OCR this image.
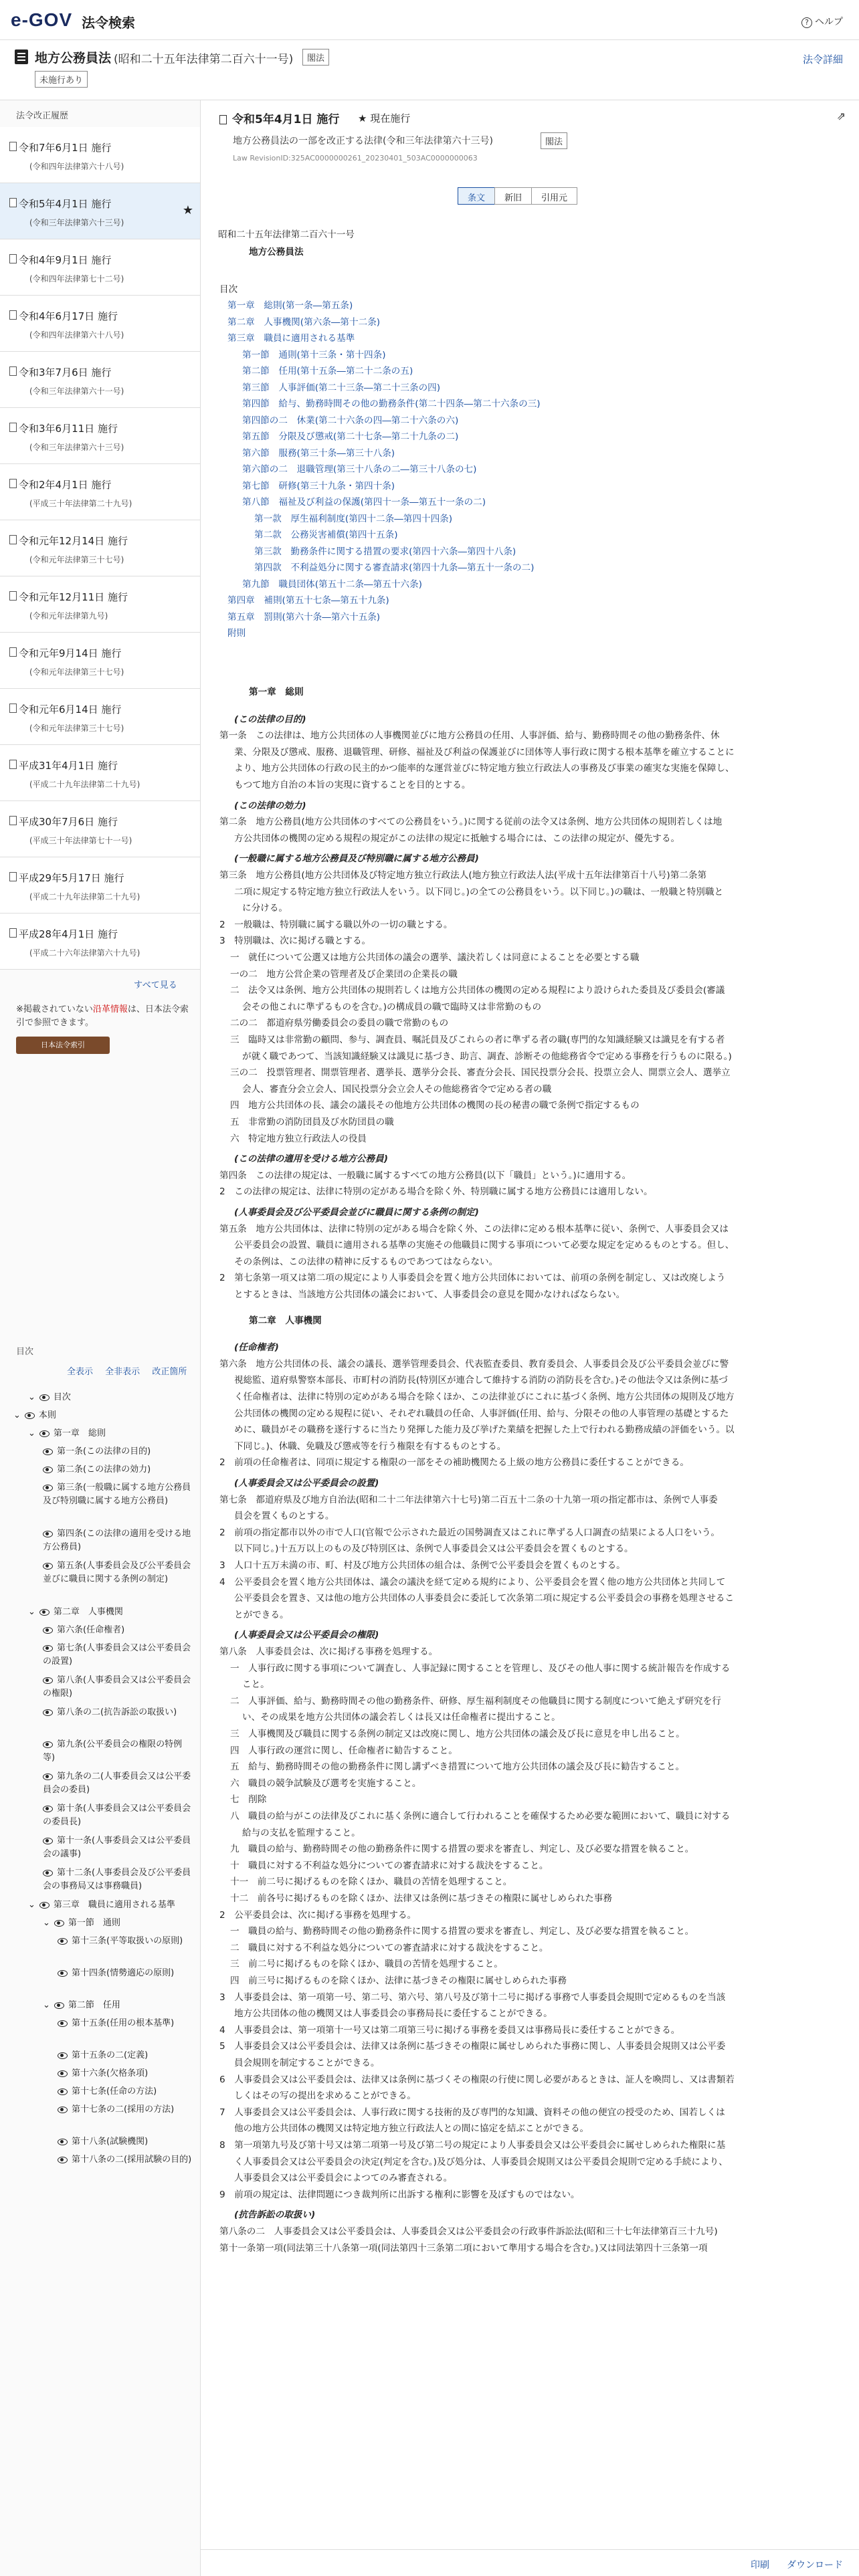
e-GOV 法令検索	? ヘルプ
地方公務員法 (昭和二十五年法律第二百六十一号)	閣法
未施行あり
法令詳細
法令改正履歴
令和7年6月1日 施行
(令和四年法律第六十八号)
令和5年4月1日 施行
(令和三年法律第六十三号)
★
令和4年9月1日 施行
(令和四年法律第七十二号)
令和4年6月17日 施行
(令和四年法律第六十八号)
令和3年7月6日 施行
(令和三年法律第六十一号)
令和3年6月11日 施行
(令和三年法律第六十三号)
令和2年4月1日 施行
(平成三十年法律第二十九号)
令和元年12月14日 施行
(令和元年法律第三十七号)
令和元年12月11日 施行
(令和元年法律第九号)
令和元年9月14日 施行
(令和元年法律第三十七号)
令和元年6月14日 施行
(令和元年法律第三十七号)
平成31年4月1日 施行
(平成二十九年法律第二十九号)
平成30年7月6日 施行
(平成三十年法律第七十一号)
平成29年5月17日 施行
(平成二十九年法律第二十九号)
平成28年4月1日 施行
(平成二十六年法律第六十九号)
すべて見る
※掲載されていない沿革情報は、日本法令索引で参照できます。
日本法令索引
目次
全表示 全非表示 改正箇所
⌄ 目次
⌄ 本則
⌄ 第一章　総則
第一条(この法律の目的)
第二条(この法律の効力)
第三条(一般職に属する地方公務員及び特別職に属する地方公務員)
第四条(この法律の適用を受ける地方公務員)
第五条(人事委員会及び公平委員会並びに職員に関する条例の制定)
⌄ 第二章　人事機関
第六条(任命権者)
第七条(人事委員会又は公平委員会の設置)
第八条(人事委員会又は公平委員会の権限)
第八条の二(抗告訴訟の取扱い)
第九条(公平委員会の権限の特例等)
第九条の二(人事委員会又は公平委員会の委員)
第十条(人事委員会又は公平委員会の委員長)
第十一条(人事委員会又は公平委員会の議事)
第十二条(人事委員会及び公平委員会の事務局又は事務職員)
⌄ 第三章　職員に適用される基準
⌄ 第一節　通則
第十三条(平等取扱いの原則)
第十四条(情勢適応の原則)
⌄ 第二節　任用
第十五条(任用の根本基準)
第十五条の二(定義)
第十六条(欠格条項)
第十七条(任命の方法)
第十七条の二(採用の方法)
第十八条(試験機関)
第十八条の二(採用試験の目的)
令和5年4月1日 施行 ★ 現在施行
地方公務員法の一部を改正する法律(令和三年法律第六十三号)	閣法
Law RevisionID:325AC0000000261_20230401_503AC0000000063
⇗
条文	新旧	引用元
昭和二十五年法律第二百六十一号
地方公務員法
目次
第一章　総則(第一条―第五条)
第二章　人事機関(第六条―第十二条)
第三章　職員に適用される基準
第一節　通則(第十三条・第十四条)
第二節　任用(第十五条―第二十二条の五)
第三節　人事評価(第二十三条―第二十三条の四)
第四節　給与、勤務時間その他の勤務条件(第二十四条―第二十六条の三)
第四節の二　休業(第二十六条の四―第二十六条の六)
第五節　分限及び懲戒(第二十七条―第二十九条の二)
第六節　服務(第三十条―第三十八条)
第六節の二　退職管理(第三十八条の二―第三十八条の七)
第七節　研修(第三十九条・第四十条)
第八節　福祉及び利益の保護(第四十一条―第五十一条の二)
第一款　厚生福利制度(第四十二条―第四十四条)
第二款　公務災害補償(第四十五条)
第三款　勤務条件に関する措置の要求(第四十六条―第四十八条)
第四款　不利益処分に関する審査請求(第四十九条―第五十一条の二)
第九節　職員団体(第五十二条―第五十六条)
第四章　補則(第五十七条―第五十九条)
第五章　罰則(第六十条―第六十五条)
附則
第一章　総則
(この法律の目的)
第一条　この法律は、地方公共団体の人事機関並びに地方公務員の任用、人事評価、給与、勤務時間その他の勤務条件、休
業、分限及び懲戒、服務、退職管理、研修、福祉及び利益の保護並びに団体等人事行政に関する根本基準を確立することに
より、地方公共団体の行政の民主的かつ能率的な運営並びに特定地方独立行政法人の事務及び事業の確実な実施を保障し、
もつて地方自治の本旨の実現に資することを目的とする。
(この法律の効力)
第二条　地方公務員(地方公共団体のすべての公務員をいう。)に関する従前の法令又は条例、地方公共団体の規則若しくは地
方公共団体の機関の定める規程の規定がこの法律の規定に抵触する場合には、この法律の規定が、優先する。
(一般職に属する地方公務員及び特別職に属する地方公務員)
第三条　地方公務員(地方公共団体及び特定地方独立行政法人(地方独立行政法人法(平成十五年法律第百十八号)第二条第
二項に規定する特定地方独立行政法人をいう。以下同じ。)の全ての公務員をいう。以下同じ。)の職は、一般職と特別職と
に分ける。
2　一般職は、特別職に属する職以外の一切の職とする。
3　特別職は、次に掲げる職とする。
一　就任について公選又は地方公共団体の議会の選挙、議決若しくは同意によることを必要とする職
一の二　地方公営企業の管理者及び企業団の企業長の職
二　法令又は条例、地方公共団体の規則若しくは地方公共団体の機関の定める規程により設けられた委員及び委員会(審議
会その他これに準ずるものを含む。)の構成員の職で臨時又は非常勤のもの
二の二　都道府県労働委員会の委員の職で常勤のもの
三　臨時又は非常勤の顧問、参与、調査員、嘱託員及びこれらの者に準ずる者の職(専門的な知識経験又は識見を有する者
が就く職であつて、当該知識経験又は識見に基づき、助言、調査、診断その他総務省令で定める事務を行うものに限る。)
三の二　投票管理者、開票管理者、選挙長、選挙分会長、審査分会長、国民投票分会長、投票立会人、開票立会人、選挙立
会人、審査分会立会人、国民投票分会立会人その他総務省令で定める者の職
四　地方公共団体の長、議会の議長その他地方公共団体の機関の長の秘書の職で条例で指定するもの
五　非常勤の消防団員及び水防団員の職
六　特定地方独立行政法人の役員
(この法律の適用を受ける地方公務員)
第四条　この法律の規定は、一般職に属するすべての地方公務員(以下「職員」という。)に適用する。
2　この法律の規定は、法律に特別の定がある場合を除く外、特別職に属する地方公務員には適用しない。
(人事委員会及び公平委員会並びに職員に関する条例の制定)
第五条　地方公共団体は、法律に特別の定がある場合を除く外、この法律に定める根本基準に従い、条例で、人事委員会又は
公平委員会の設置、職員に適用される基準の実施その他職員に関する事項について必要な規定を定めるものとする。但し、
その条例は、この法律の精神に反するものであつてはならない。
2　第七条第一項又は第二項の規定により人事委員会を置く地方公共団体においては、前項の条例を制定し、又は改廃しよう
とするときは、当該地方公共団体の議会において、人事委員会の意見を聞かなければならない。
第二章　人事機関
(任命権者)
第六条　地方公共団体の長、議会の議長、選挙管理委員会、代表監査委員、教育委員会、人事委員会及び公平委員会並びに警
視総監、道府県警察本部長、市町村の消防長(特別区が連合して維持する消防の消防長を含む。)その他法令又は条例に基づ
く任命権者は、法律に特別の定めがある場合を除くほか、この法律並びにこれに基づく条例、地方公共団体の規則及び地方
公共団体の機関の定める規程に従い、それぞれ職員の任命、人事評価(任用、給与、分限その他の人事管理の基礎とするた
めに、職員がその職務を遂行するに当たり発揮した能力及び挙げた業績を把握した上で行われる勤務成績の評価をいう。以
下同じ。)、休職、免職及び懲戒等を行う権限を有するものとする。
2　前項の任命権者は、同項に規定する権限の一部をその補助機関たる上級の地方公務員に委任することができる。
(人事委員会又は公平委員会の設置)
第七条　都道府県及び地方自治法(昭和二十二年法律第六十七号)第二百五十二条の十九第一項の指定都市は、条例で人事委
員会を置くものとする。
2　前項の指定都市以外の市で人口(官報で公示された最近の国勢調査又はこれに準ずる人口調査の結果による人口をいう。
以下同じ。)十五万以上のもの及び特別区は、条例で人事委員会又は公平委員会を置くものとする。
3　人口十五万未満の市、町、村及び地方公共団体の組合は、条例で公平委員会を置くものとする。
4　公平委員会を置く地方公共団体は、議会の議決を経て定める規約により、公平委員会を置く他の地方公共団体と共同して
公平委員会を置き、又は他の地方公共団体の人事委員会に委託して次条第二項に規定する公平委員会の事務を処理させるこ
とができる。
(人事委員会又は公平委員会の権限)
第八条　人事委員会は、次に掲げる事務を処理する。
一　人事行政に関する事項について調査し、人事記録に関することを管理し、及びその他人事に関する統計報告を作成する
こと。
二　人事評価、給与、勤務時間その他の勤務条件、研修、厚生福利制度その他職員に関する制度について絶えず研究を行
い、その成果を地方公共団体の議会若しくは長又は任命権者に提出すること。
三　人事機関及び職員に関する条例の制定又は改廃に関し、地方公共団体の議会及び長に意見を申し出ること。
四　人事行政の運営に関し、任命権者に勧告すること。
五　給与、勤務時間その他の勤務条件に関し講ずべき措置について地方公共団体の議会及び長に勧告すること。
六　職員の競争試験及び選考を実施すること。
七　削除
八　職員の給与がこの法律及びこれに基く条例に適合して行われることを確保するため必要な範囲において、職員に対する
給与の支払を監理すること。
九　職員の給与、勤務時間その他の勤務条件に関する措置の要求を審査し、判定し、及び必要な措置を執ること。
十　職員に対する不利益な処分についての審査請求に対する裁決をすること。
十一　前二号に掲げるものを除くほか、職員の苦情を処理すること。
十二　前各号に掲げるものを除くほか、法律又は条例に基づきその権限に属せしめられた事務
2　公平委員会は、次に掲げる事務を処理する。
一　職員の給与、勤務時間その他の勤務条件に関する措置の要求を審査し、判定し、及び必要な措置を執ること。
二　職員に対する不利益な処分についての審査請求に対する裁決をすること。
三　前二号に掲げるものを除くほか、職員の苦情を処理すること。
四　前三号に掲げるものを除くほか、法律に基づきその権限に属せしめられた事務
3　人事委員会は、第一項第一号、第二号、第六号、第八号及び第十二号に掲げる事務で人事委員会規則で定めるものを当該
地方公共団体の他の機関又は人事委員会の事務局長に委任することができる。
4　人事委員会は、第一項第十一号又は第二項第三号に掲げる事務を委員又は事務局長に委任することができる。
5　人事委員会又は公平委員会は、法律又は条例に基づきその権限に属せしめられた事務に関し、人事委員会規則又は公平委
員会規則を制定することができる。
6　人事委員会又は公平委員会は、法律又は条例に基づくその権限の行使に関し必要があるときは、証人を喚問し、又は書類若
しくはその写の提出を求めることができる。
7　人事委員会又は公平委員会は、人事行政に関する技術的及び専門的な知識、資料その他の便宜の授受のため、国若しくは
他の地方公共団体の機関又は特定地方独立行政法人との間に協定を結ぶことができる。
8　第一項第九号及び第十号又は第二項第一号及び第二号の規定により人事委員会又は公平委員会に属せしめられた権限に基
く人事委員会又は公平委員会の決定(判定を含む。)及び処分は、人事委員会規則又は公平委員会規則で定める手続により、
人事委員会又は公平委員会によつてのみ審査される。
9　前項の規定は、法律問題につき裁判所に出訴する権利に影響を及ぼすものではない。
(抗告訴訟の取扱い)
第八条の二　人事委員会又は公平委員会は、人事委員会又は公平委員会の行政事件訴訟法(昭和三十七年法律第百三十九号)
第十一条第一項(同法第三十八条第一項(同法第四十三条第二項において準用する場合を含む。)又は同法第四十三条第一項
印刷 ダウンロード
